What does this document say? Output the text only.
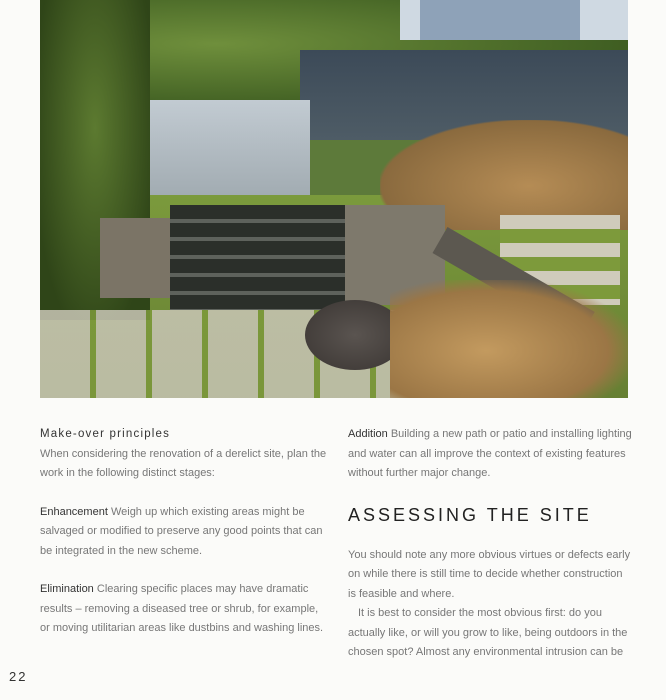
Make-over principles

When considering the renovation of a derelict site, plan the work in the following distinct stages:

Enhancement Weigh up which existing areas might be salvaged or modified to preserve any good points that can be integrated in the new scheme.

Elimination Clearing specific places may have dramatic results – removing a diseased tree or shrub, for example, or moving utilitarian areas like dustbins and washing lines.

Addition Building a new path or patio and installing lighting and water can all improve the context of existing features without further major change.

ASSESSING THE SITE

You should note any more obvious virtues or defects early on while there is still time to decide whether construction is feasible and where.

It is best to consider the most obvious first: do you actually like, or will you grow to like, being outdoors in the chosen spot? Almost any environmental intrusion can be

22
